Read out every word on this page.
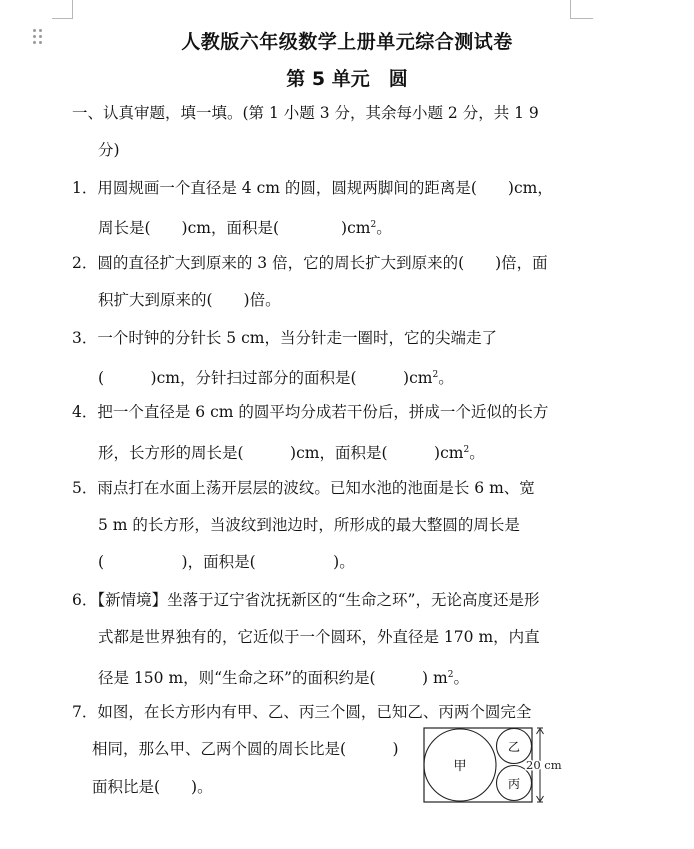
人教版六年级数学上册单元综合测试卷
第 5 单元　圆
一、认真审题，填一填。(第 1 小题 3 分，其余每小题 2 分，共 1 9
分)
1．用圆规画一个直径是 4 cm 的圆，圆规两脚间的距离是(　　)cm，
周长是(　　)cm，面积是(　　　　)$cm^2$。
2．圆的直径扩大到原来的 3 倍，它的周长扩大到原来的(　　)倍，面
积扩大到原来的(　　)倍。
3．一个时钟的分针长 5 cm，当分针走一圈时，它的尖端走了
(　　　)cm，分针扫过部分的面积是(　　　)$cm^2$。
4．把一个直径是 6 cm 的圆平均分成若干份后，拼成一个近似的长方
形，长方形的周长是(　　　)cm，面积是(　　　)$cm^2$。
5．雨点打在水面上荡开层层的波纹。已知水池的池面是长 6 m、宽
5 m 的长方形，当波纹到池边时，所形成的最大整圆的周长是
(　　　　　)，面积是(　　　　　)。
6．【新情境】坐落于辽宁省沈抚新区的“生命之环”，无论高度还是形
式都是世界独有的，它近似于一个圆环，外直径是 170 m，内直
径是 150 m，则“生命之环”的面积约是(　　　) $m^2$。
7．如图，在长方形内有甲、乙、丙三个圆，已知乙、丙两个圆完全
相同，那么甲、乙两个圆的周长比是(　　　)
面积比是(　　)。
甲
乙
丙
20 cm
